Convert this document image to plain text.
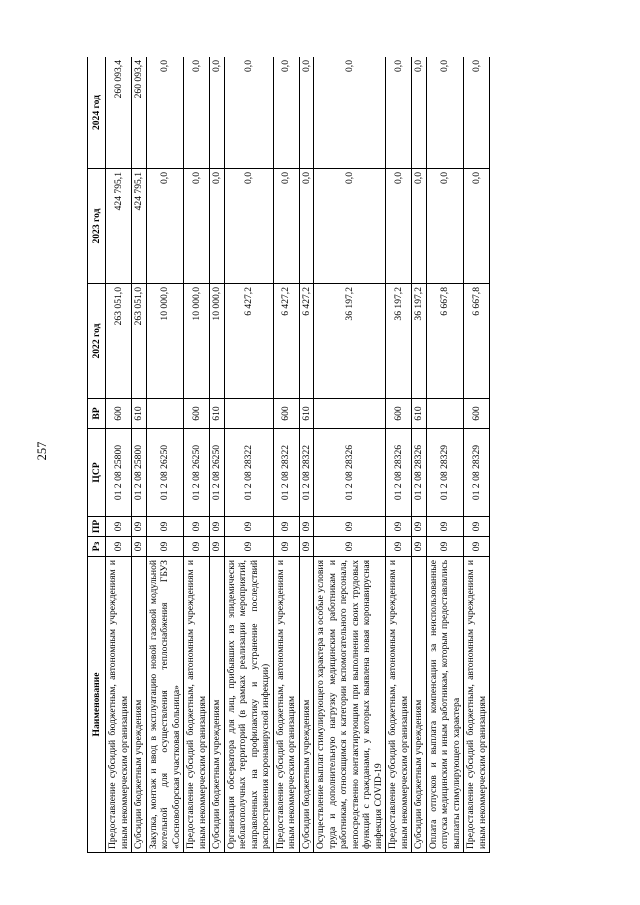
257
Наименование	Рз	ПР	ЦСР	ВР	2022 год	2023 год	2024 год
Предоставление субсидий бюджетным, автономным учреждениям и иным некоммерческим организациям	09	09	01 2 08 25800	600	263 051,0	424 795,1	260 093,4
Субсидии бюджетным учреждениям	09	09	01 2 08 25800	610	263 051,0	424 795,1	260 093,4
Закупка, монтаж и ввод в эксплуатацию новой газовой модульной котельной для осуществления теплоснабжения ГБУЗ «Сосновоборская участковая больница»	09	09	01 2 08 26250		10 000,0	0,0	0,0
Предоставление субсидий бюджетным, автономным учреждениям и иным некоммерческим организациям	09	09	01 2 08 26250	600	10 000,0	0,0	0,0
Субсидии бюджетным учреждениям	09	09	01 2 08 26250	610	10 000,0	0,0	0,0
Организация обсерватора для лиц, прибывших из эпидемически неблагополучных территорий (в рамках реализации мероприятий, направленных на профилактику и устранение последствий распространения коронавирусной инфекции)	09	09	01 2 08 28322		6 427,2	0,0	0,0
Предоставление субсидий бюджетным, автономным учреждениям и иным некоммерческим организациям	09	09	01 2 08 28322	600	6 427,2	0,0	0,0
Субсидии бюджетным учреждениям	09	09	01 2 08 28322	610	6 427,2	0,0	0,0
Осуществление выплат стимулирующего характера за особые условия труда и дополнительную нагрузку медицинским работникам и работникам, относящимся к категории вспомогательного персонала, непосредственно контактирующим при выполнении своих трудовых функций с гражданами, у которых выявлена новая коронавирусная инфекция COVID-19	09	09	01 2 08 28326		36 197,2	0,0	0,0
Предоставление субсидий бюджетным, автономным учреждениям и иным некоммерческим организациям	09	09	01 2 08 28326	600	36 197,2	0,0	0,0
Субсидии бюджетным учреждениям	09	09	01 2 08 28326	610	36 197,2	0,0	0,0
Оплата отпусков и выплата компенсации за неиспользованные отпуска медицинским и иным работникам, которым предоставлялись выплаты стимулирующего характера	09	09	01 2 08 28329		6 667,8	0,0	0,0
Предоставление субсидий бюджетным, автономным учреждениям и иным некоммерческим организациям	09	09	01 2 08 28329	600	6 667,8	0,0	0,0
